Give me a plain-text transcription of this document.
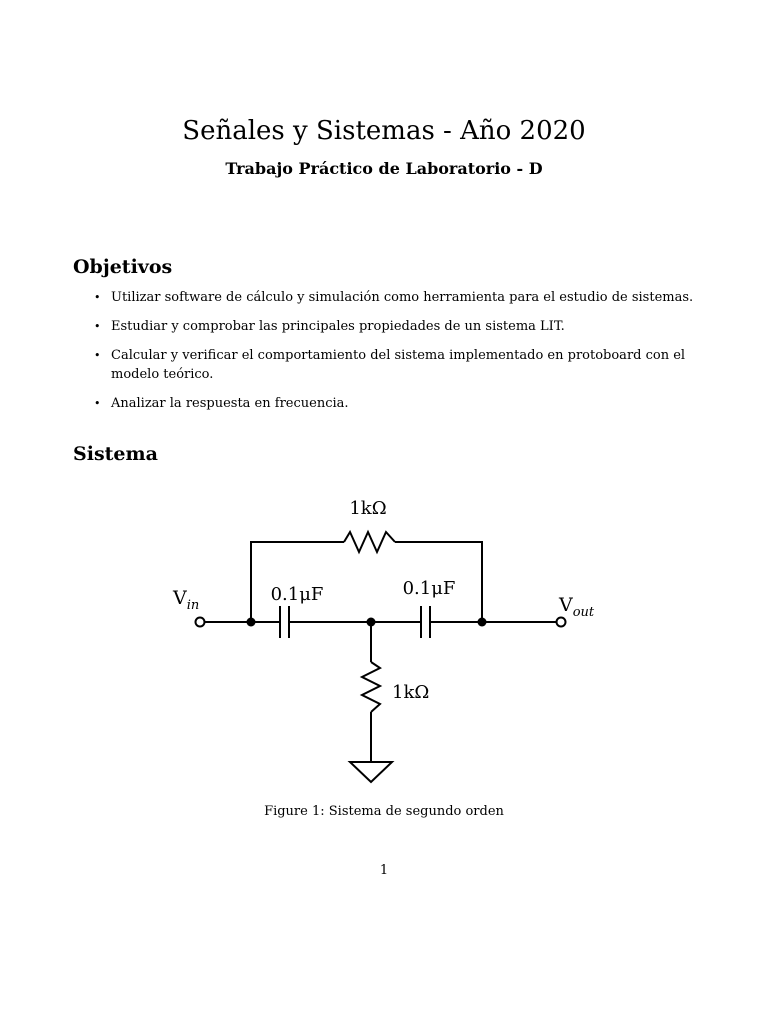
Señales y Sistemas - Año 2020
Trabajo Práctico de Laboratorio - D
Objetivos
• Utilizar software de cálculo y simulación como herramienta para el estudio de sistemas.
• Estudiar y comprobar las principales propiedades de un sistema LIT.
• Calcular y verificar el comportamiento del sistema implementado en protoboard con el modelo teórico.
• Analizar la respuesta en frecuencia.
Sistema
1kΩ
0.1μF	0.1μF
1kΩ
$V_{in}$	$V_{out}$
Figure 1: Sistema de segundo orden
1
